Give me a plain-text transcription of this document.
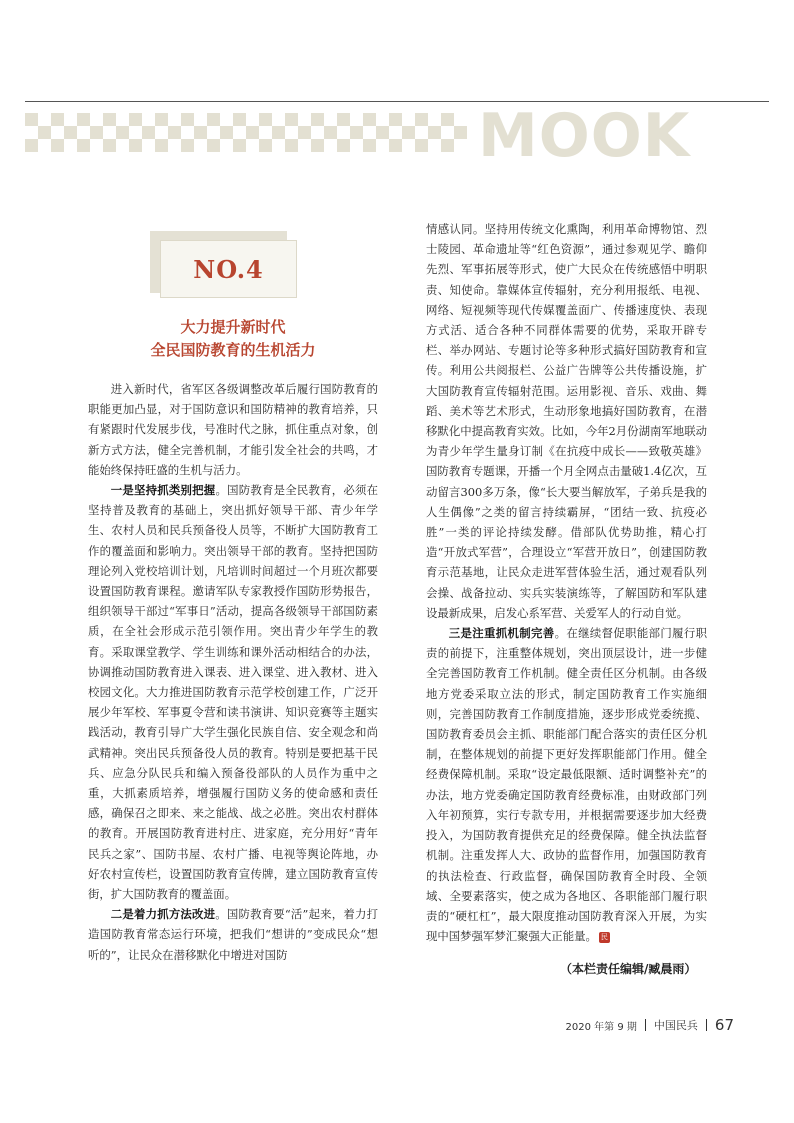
MOOK
NO.4
大力提升新时代
全民国防教育的生机活力

进入新时代，省军区各级调整改革后履行国防教育的职能更加凸显，对于国防意识和国防精神的教育培养，只有紧跟时代发展步伐，号准时代之脉，抓住重点对象，创新方式方法，健全完善机制，才能引发全社会的共鸣，才能始终保持旺盛的生机与活力。

一是坚持抓类别把握。国防教育是全民教育，必须在坚持普及教育的基础上，突出抓好领导干部、青少年学生、农村人员和民兵预备役人员等，不断扩大国防教育工作的覆盖面和影响力。突出领导干部的教育。坚持把国防理论列入党校培训计划，凡培训时间超过一个月班次都要设置国防教育课程。邀请军队专家教授作国防形势报告，组织领导干部过“军事日”活动，提高各级领导干部国防素质，在全社会形成示范引领作用。突出青少年学生的教育。采取课堂教学、学生训练和课外活动相结合的办法，协调推动国防教育进入课表、进入课堂、进入教材、进入校园文化。大力推进国防教育示范学校创建工作，广泛开展少年军校、军事夏令营和读书演讲、知识竞赛等主题实践活动，教育引导广大学生强化民族自信、安全观念和尚武精神。突出民兵预备役人员的教育。特别是要把基干民兵、应急分队民兵和编入预备役部队的人员作为重中之重，大抓素质培养，增强履行国防义务的使命感和责任感，确保召之即来、来之能战、战之必胜。突出农村群体的教育。开展国防教育进村庄、进家庭，充分用好“青年民兵之家”、国防书屋、农村广播、电视等舆论阵地，办好农村宣传栏，设置国防教育宣传牌，建立国防教育宣传街，扩大国防教育的覆盖面。

二是着力抓方法改进。国防教育要“活”起来，着力打造国防教育常态运行环境，把我们“想讲的”变成民众“想听的”，让民众在潜移默化中增进对国防

情感认同。坚持用传统文化熏陶，利用革命博物馆、烈士陵园、革命遗址等“红色资源”，通过参观见学、瞻仰先烈、军事拓展等形式，使广大民众在传统感悟中明职责、知使命。靠媒体宣传辐射，充分利用报纸、电视、网络、短视频等现代传媒覆盖面广、传播速度快、表现方式活、适合各种不同群体需要的优势，采取开辟专栏、举办网站、专题讨论等多种形式搞好国防教育和宣传。利用公共阅报栏、公益广告牌等公共传播设施，扩大国防教育宣传辐射范围。运用影视、音乐、戏曲、舞蹈、美术等艺术形式，生动形象地搞好国防教育，在潜移默化中提高教育实效。比如，今年2月份湖南军地联动为青少年学生量身订制《在抗疫中成长——致敬英雄》国防教育专题课，开播一个月全网点击量破1.4亿次，互动留言300多万条，像“长大要当解放军，子弟兵是我的人生偶像”之类的留言持续霸屏，“团结一致、抗疫必胜”一类的评论持续发酵。借部队优势助推，精心打造“开放式军营”，合理设立“军营开放日”，创建国防教育示范基地，让民众走进军营体验生活，通过观看队列会操、战备拉动、实兵实装演练等，了解国防和军队建设最新成果，启发心系军营、关爱军人的行动自觉。

三是注重抓机制完善。在继续督促职能部门履行职责的前提下，注重整体规划，突出顶层设计，进一步健全完善国防教育工作机制。健全责任区分机制。由各级地方党委采取立法的形式，制定国防教育工作实施细则，完善国防教育工作制度措施，逐步形成党委统揽、国防教育委员会主抓、职能部门配合落实的责任区分机制，在整体规划的前提下更好发挥职能部门作用。健全经费保障机制。采取“设定最低限额、适时调整补充”的办法，地方党委确定国防教育经费标准，由财政部门列入年初预算，实行专款专用，并根据需要逐步加大经费投入，为国防教育提供充足的经费保障。健全执法监督机制。注重发挥人大、政协的监督作用，加强国防教育的执法检查、行政监督，确保国防教育全时段、全领域、全要素落实，使之成为各地区、各职能部门履行职责的“硬杠杠”，最大限度推动国防教育深入开展，为实现中国梦强军梦汇聚强大正能量。 民

（本栏责任编辑/臧晨雨）
2020 年第 9 期 中国民兵 67
